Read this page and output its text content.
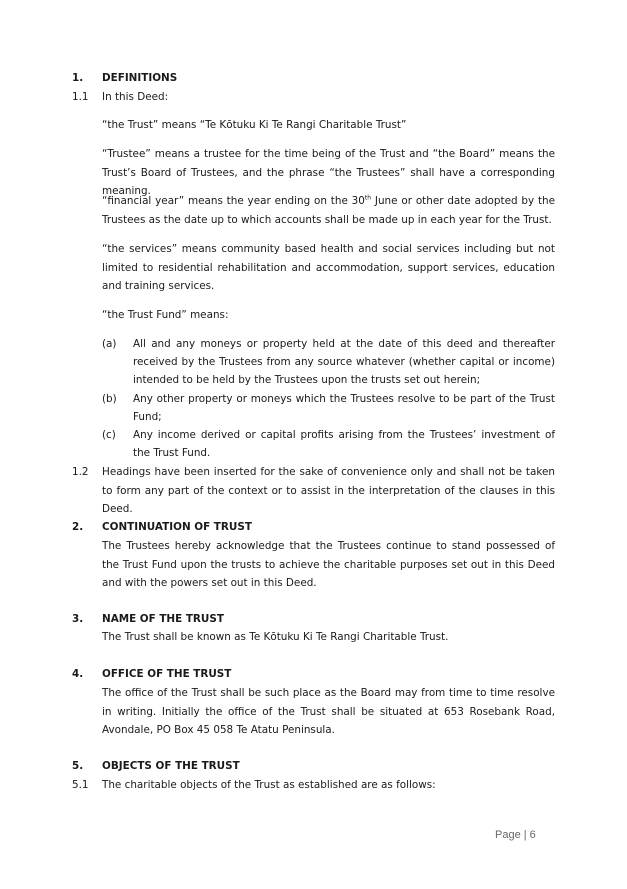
1. DEFINITIONS
1.1 In this Deed:
“the Trust” means “Te Kōtuku Ki Te Rangi Charitable Trust”
“Trustee” means a trustee for the time being of the Trust and “the Board” means the Trust’s Board of Trustees, and the phrase “the Trustees” shall have a corresponding meaning.
“financial year” means the year ending on the 30th June or other date adopted by the Trustees as the date up to which accounts shall be made up in each year for the Trust.
“the services” means community based health and social services including but not limited to residential rehabilitation and accommodation, support services, education and training services.
“the Trust Fund” means:
(a) All and any moneys or property held at the date of this deed and thereafter received by the Trustees from any source whatever (whether capital or income) intended to be held by the Trustees upon the trusts set out herein;
(b) Any other property or moneys which the Trustees resolve to be part of the Trust Fund;
(c) Any income derived or capital profits arising from the Trustees’ investment of the Trust Fund.
1.2 Headings have been inserted for the sake of convenience only and shall not be taken to form any part of the context or to assist in the interpretation of the clauses in this Deed.
2. CONTINUATION OF TRUST
The Trustees hereby acknowledge that the Trustees continue to stand possessed of the Trust Fund upon the trusts to achieve the charitable purposes set out in this Deed and with the powers set out in this Deed.
3. NAME OF THE TRUST
The Trust shall be known as Te Kōtuku Ki Te Rangi Charitable Trust.
4. OFFICE OF THE TRUST
The office of the Trust shall be such place as the Board may from time to time resolve in writing. Initially the office of the Trust shall be situated at 653 Rosebank Road, Avondale, PO Box 45 058 Te Atatu Peninsula.
5. OBJECTS OF THE TRUST
5.1 The charitable objects of the Trust as established are as follows:
Page | 6
